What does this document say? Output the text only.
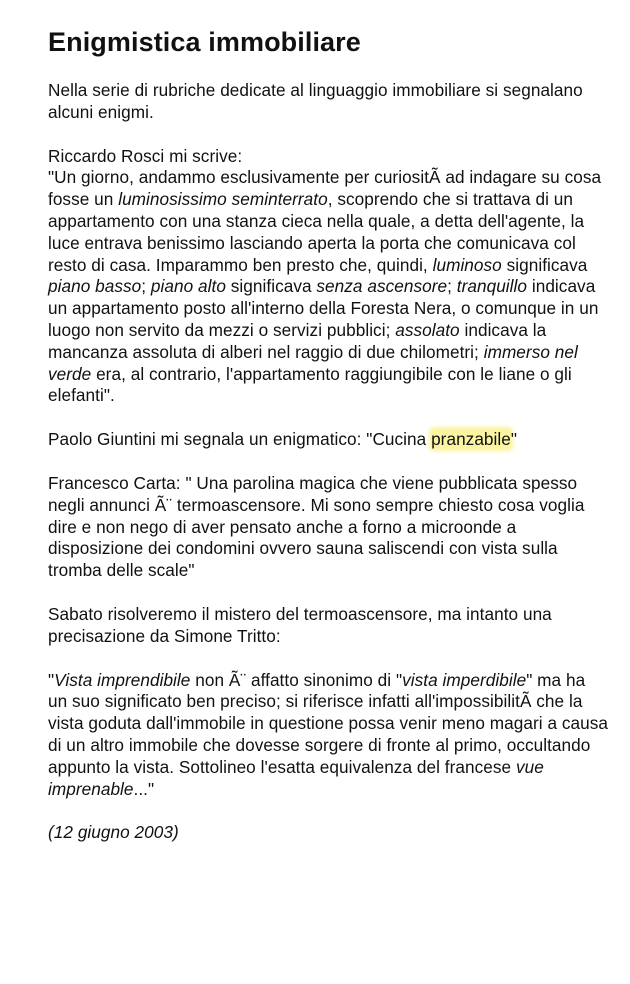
Enigmistica immobiliare

Nella serie di rubriche dedicate al linguaggio immobiliare si segnalano alcuni enigmi.

Riccardo Rosci mi scrive:
"Un giorno, andammo esclusivamente per curiositÃ ad indagare su cosa fosse un luminosissimo seminterrato, scoprendo che si trattava di un appartamento con una stanza cieca nella quale, a detta dell'agente, la luce entrava benissimo lasciando aperta la porta che comunicava col resto di casa. Imparammo ben presto che, quindi, luminoso significava piano basso; piano alto significava senza ascensore; tranquillo indicava un appartamento posto all'interno della Foresta Nera, o comunque in un luogo non servito da mezzi o servizi pubblici; assolato indicava la mancanza assoluta di alberi nel raggio di due chilometri; immerso nel verde era, al contrario, l'appartamento raggiungibile con le liane o gli elefanti".

Paolo Giuntini mi segnala un enigmatico: "Cucina pranzabile"

Francesco Carta: " Una parolina magica che viene pubblicata spesso negli annunci Ã¨ termoascensore. Mi sono sempre chiesto cosa voglia dire e non nego di aver pensato anche a forno a microonde a disposizione dei condomini ovvero sauna saliscendi con vista sulla tromba delle scale"

Sabato risolveremo il mistero del termoascensore, ma intanto una precisazione da Simone Tritto:

"Vista imprendibile non Ã¨ affatto sinonimo di "vista imperdibile" ma ha un suo significato ben preciso; si riferisce infatti all'impossibilitÃ che la vista goduta dall'immobile in questione possa venir meno magari a causa di un altro immobile che dovesse sorgere di fronte al primo, occultando appunto la vista. Sottolineo l'esatta equivalenza del francese vue imprenable..."

(12 giugno 2003)
